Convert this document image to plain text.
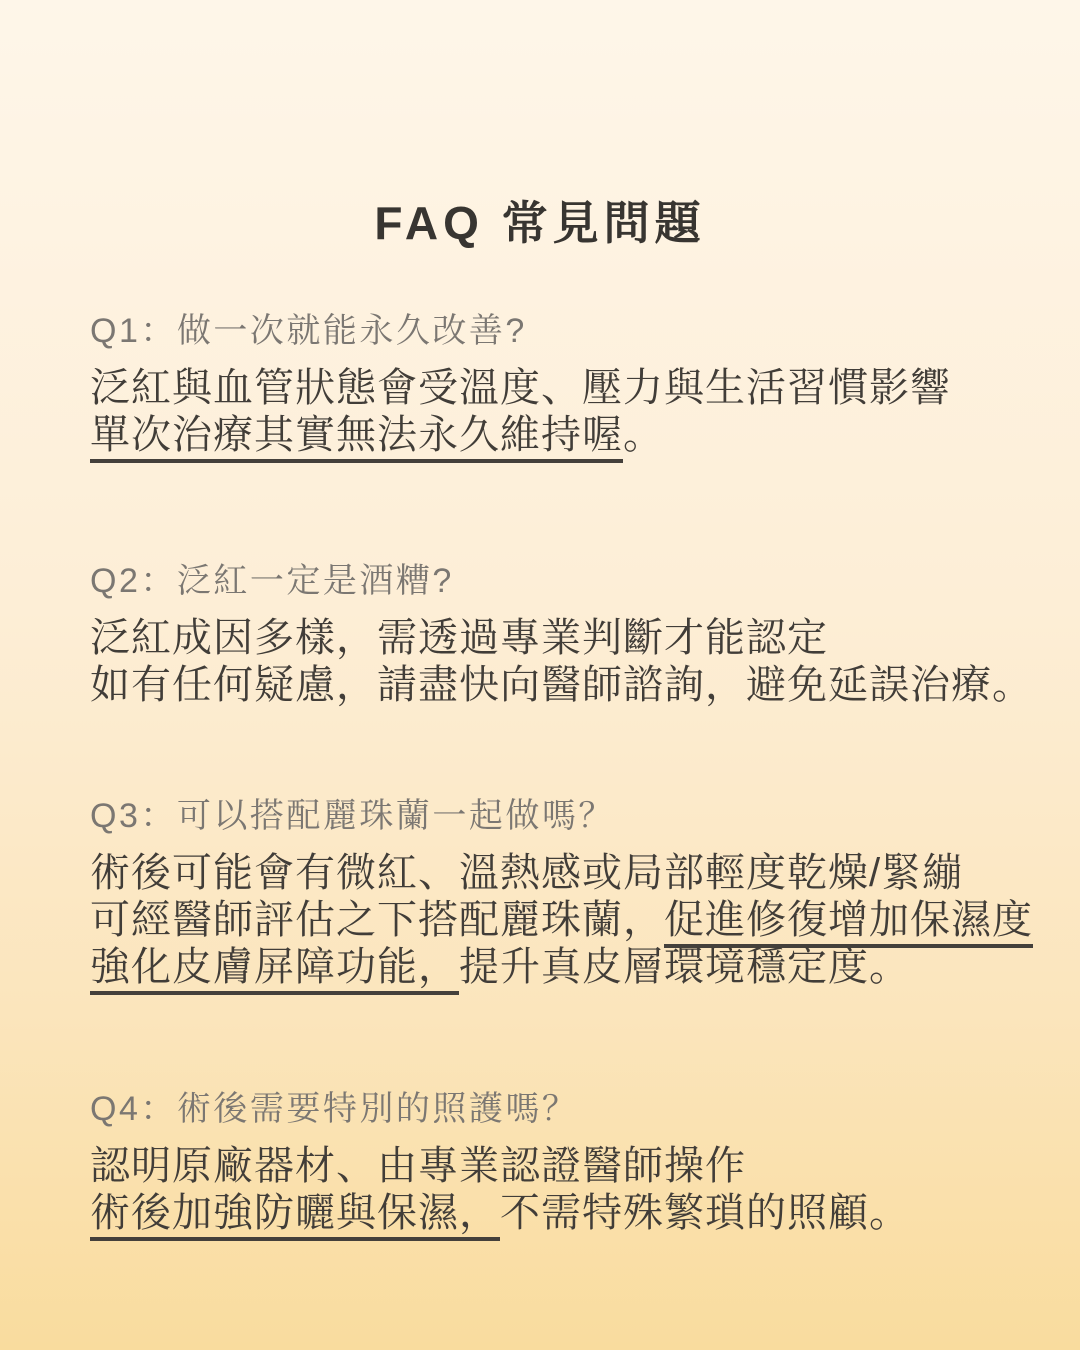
FAQ 常見問題
Q1：做一次就能永久改善?
泛紅與血管狀態會受溫度、壓力與生活習慣影響
單次治療其實無法永久維持喔。
Q2：泛紅一定是酒糟?
泛紅成因多樣，需透過專業判斷才能認定
如有任何疑慮，請盡快向醫師諮詢，避免延誤治療。
Q3：可以搭配麗珠蘭一起做嗎？
術後可能會有微紅、溫熱感或局部輕度乾燥/緊繃
可經醫師評估之下搭配麗珠蘭，促進修復增加保濕度
強化皮膚屏障功能，提升真皮層環境穩定度。
Q4：術後需要特別的照護嗎？
認明原廠器材、由專業認證醫師操作
術後加強防曬與保濕，不需特殊繁瑣的照顧。
